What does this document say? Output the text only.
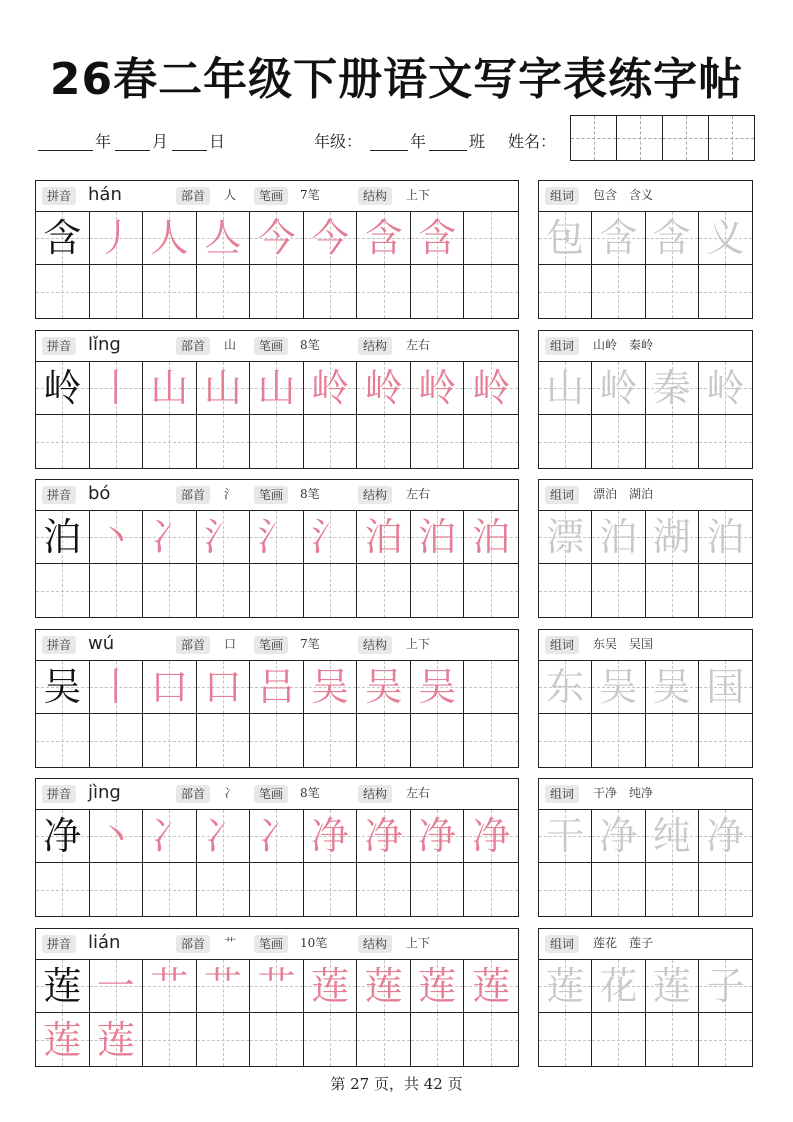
26春二年级下册语文写字表练字帖
年	月	日	年级：	年	班 姓名：
拼音 hán	部首	人	笔画	7笔	结构	上下
含 丿 人 亼 今 今 含 含
组词	包含　含义
包 含 含 义
拼音 lǐng	部首	山	笔画	8笔	结构	左右
岭 丨 山 山 山 岭 岭 岭 岭
组词	山岭　秦岭
山 岭 秦 岭
拼音 bó	部首	氵	笔画	8笔	结构	左右
泊 丶 冫 氵 氵 氵 泊 泊 泊
组词	漂泊　湖泊
漂 泊 湖 泊
拼音 wú	部首	口	笔画	7笔	结构	上下
吴 丨 口 口 吕 吴 吴 吴
组词	东吴　吴国
东 吴 吴 国
拼音 jìng	部首	冫	笔画	8笔	结构	左右
净 丶 冫 冫 冫 净 净 净 净
组词	干净　纯净
干 净 纯 净
拼音 lián	部首	艹	笔画	10笔	结构	上下
莲 一 艹 艹 艹 莲 莲 莲 莲
莲 莲
组词	莲花　莲子
莲 花 莲 子
第 27 页，共 42 页
